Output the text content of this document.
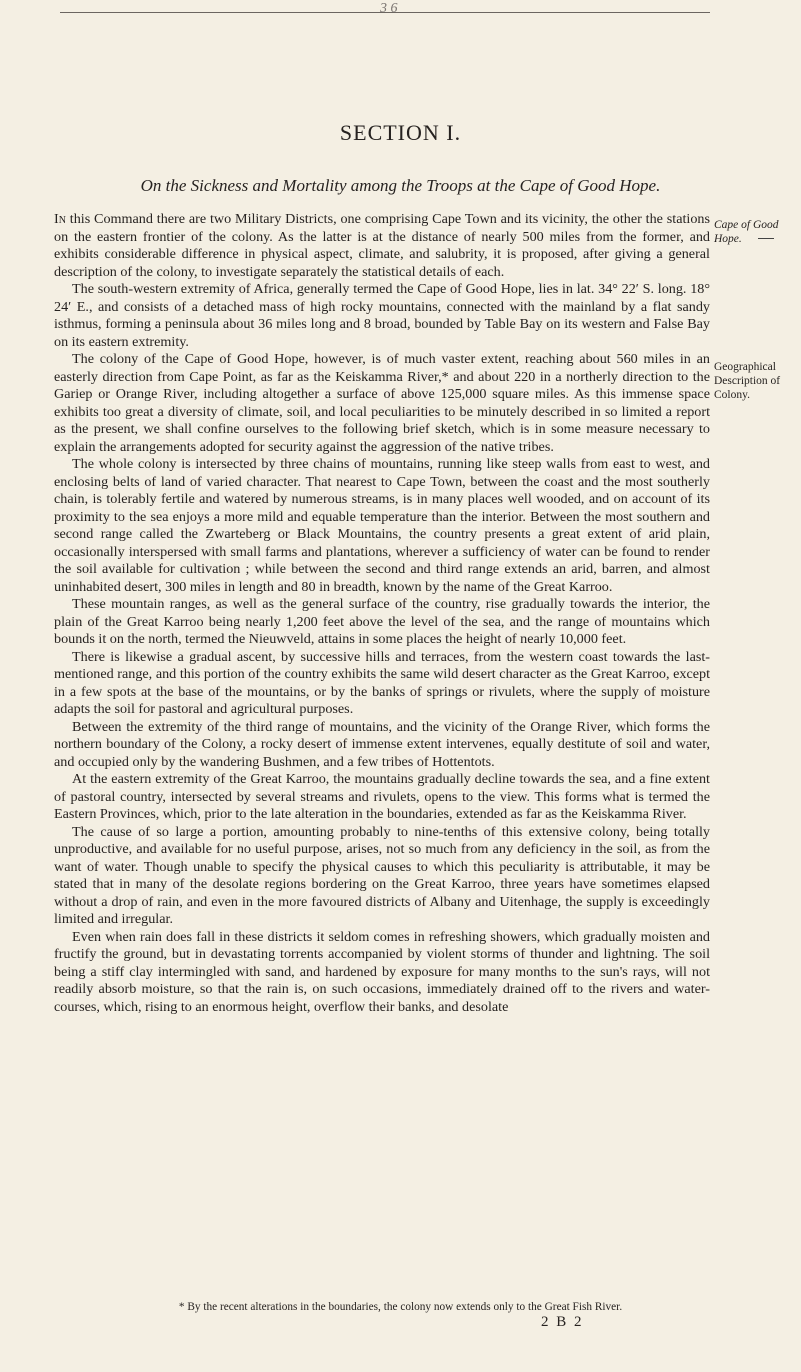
3 6
SECTION I.
On the Sickness and Mortality among the Troops at the Cape of Good Hope.
Cape of Good Hope.
Geographical Description of Colony.

In this Command there are two Military Districts, one comprising Cape Town and its vicinity, the other the stations on the eastern frontier of the colony. As the latter is at the distance of nearly 500 miles from the former, and exhibits considerable difference in physical aspect, climate, and salubrity, it is proposed, after giving a general description of the colony, to investigate separately the statistical details of each.

The south-western extremity of Africa, generally termed the Cape of Good Hope, lies in lat. 34° 22′ S. long. 18° 24′ E., and consists of a detached mass of high rocky mountains, connected with the mainland by a flat sandy isthmus, forming a peninsula about 36 miles long and 8 broad, bounded by Table Bay on its western and False Bay on its eastern extremity.

The colony of the Cape of Good Hope, however, is of much vaster extent, reaching about 560 miles in an easterly direction from Cape Point, as far as the Keiskamma River,* and about 220 in a northerly direction to the Gariep or Orange River, including altogether a surface of above 125,000 square miles. As this immense space exhibits too great a diversity of climate, soil, and local peculiarities to be minutely described in so limited a report as the present, we shall confine ourselves to the following brief sketch, which is in some measure necessary to explain the arrangements adopted for security against the aggression of the native tribes.

The whole colony is intersected by three chains of mountains, running like steep walls from east to west, and enclosing belts of land of varied character. That nearest to Cape Town, between the coast and the most southerly chain, is tolerably fertile and watered by numerous streams, is in many places well wooded, and on account of its proximity to the sea enjoys a more mild and equable temperature than the interior. Between the most southern and second range called the Zwarteberg or Black Mountains, the country presents a great extent of arid plain, occasionally interspersed with small farms and plantations, wherever a sufficiency of water can be found to render the soil available for cultivation ; while between the second and third range extends an arid, barren, and almost uninhabited desert, 300 miles in length and 80 in breadth, known by the name of the Great Karroo.

These mountain ranges, as well as the general surface of the country, rise gradually towards the interior, the plain of the Great Karroo being nearly 1,200 feet above the level of the sea, and the range of mountains which bounds it on the north, termed the Nieuwveld, attains in some places the height of nearly 10,000 feet.

There is likewise a gradual ascent, by successive hills and terraces, from the western coast towards the last-mentioned range, and this portion of the country exhibits the same wild desert character as the Great Karroo, except in a few spots at the base of the mountains, or by the banks of springs or rivulets, where the supply of moisture adapts the soil for pastoral and agricultural purposes.

Between the extremity of the third range of mountains, and the vicinity of the Orange River, which forms the northern boundary of the Colony, a rocky desert of immense extent intervenes, equally destitute of soil and water, and occupied only by the wandering Bushmen, and a few tribes of Hottentots.

At the eastern extremity of the Great Karroo, the mountains gradually decline towards the sea, and a fine extent of pastoral country, intersected by several streams and rivulets, opens to the view. This forms what is termed the Eastern Provinces, which, prior to the late alteration in the boundaries, extended as far as the Keiskamma River.

The cause of so large a portion, amounting probably to nine-tenths of this extensive colony, being totally unproductive, and available for no useful purpose, arises, not so much from any deficiency in the soil, as from the want of water. Though unable to specify the physical causes to which this peculiarity is attributable, it may be stated that in many of the desolate regions bordering on the Great Karroo, three years have sometimes elapsed without a drop of rain, and even in the more favoured districts of Albany and Uitenhage, the supply is exceedingly limited and irregular.

Even when rain does fall in these districts it seldom comes in refreshing showers, which gradually moisten and fructify the ground, but in devastating torrents accompanied by violent storms of thunder and lightning. The soil being a stiff clay intermingled with sand, and hardened by exposure for many months to the sun's rays, will not readily absorb moisture, so that the rain is, on such occasions, immediately drained off to the rivers and water-courses, which, rising to an enormous height, overflow their banks, and desolate

* By the recent alterations in the boundaries, the colony now extends only to the Great Fish River.
2 B 2
